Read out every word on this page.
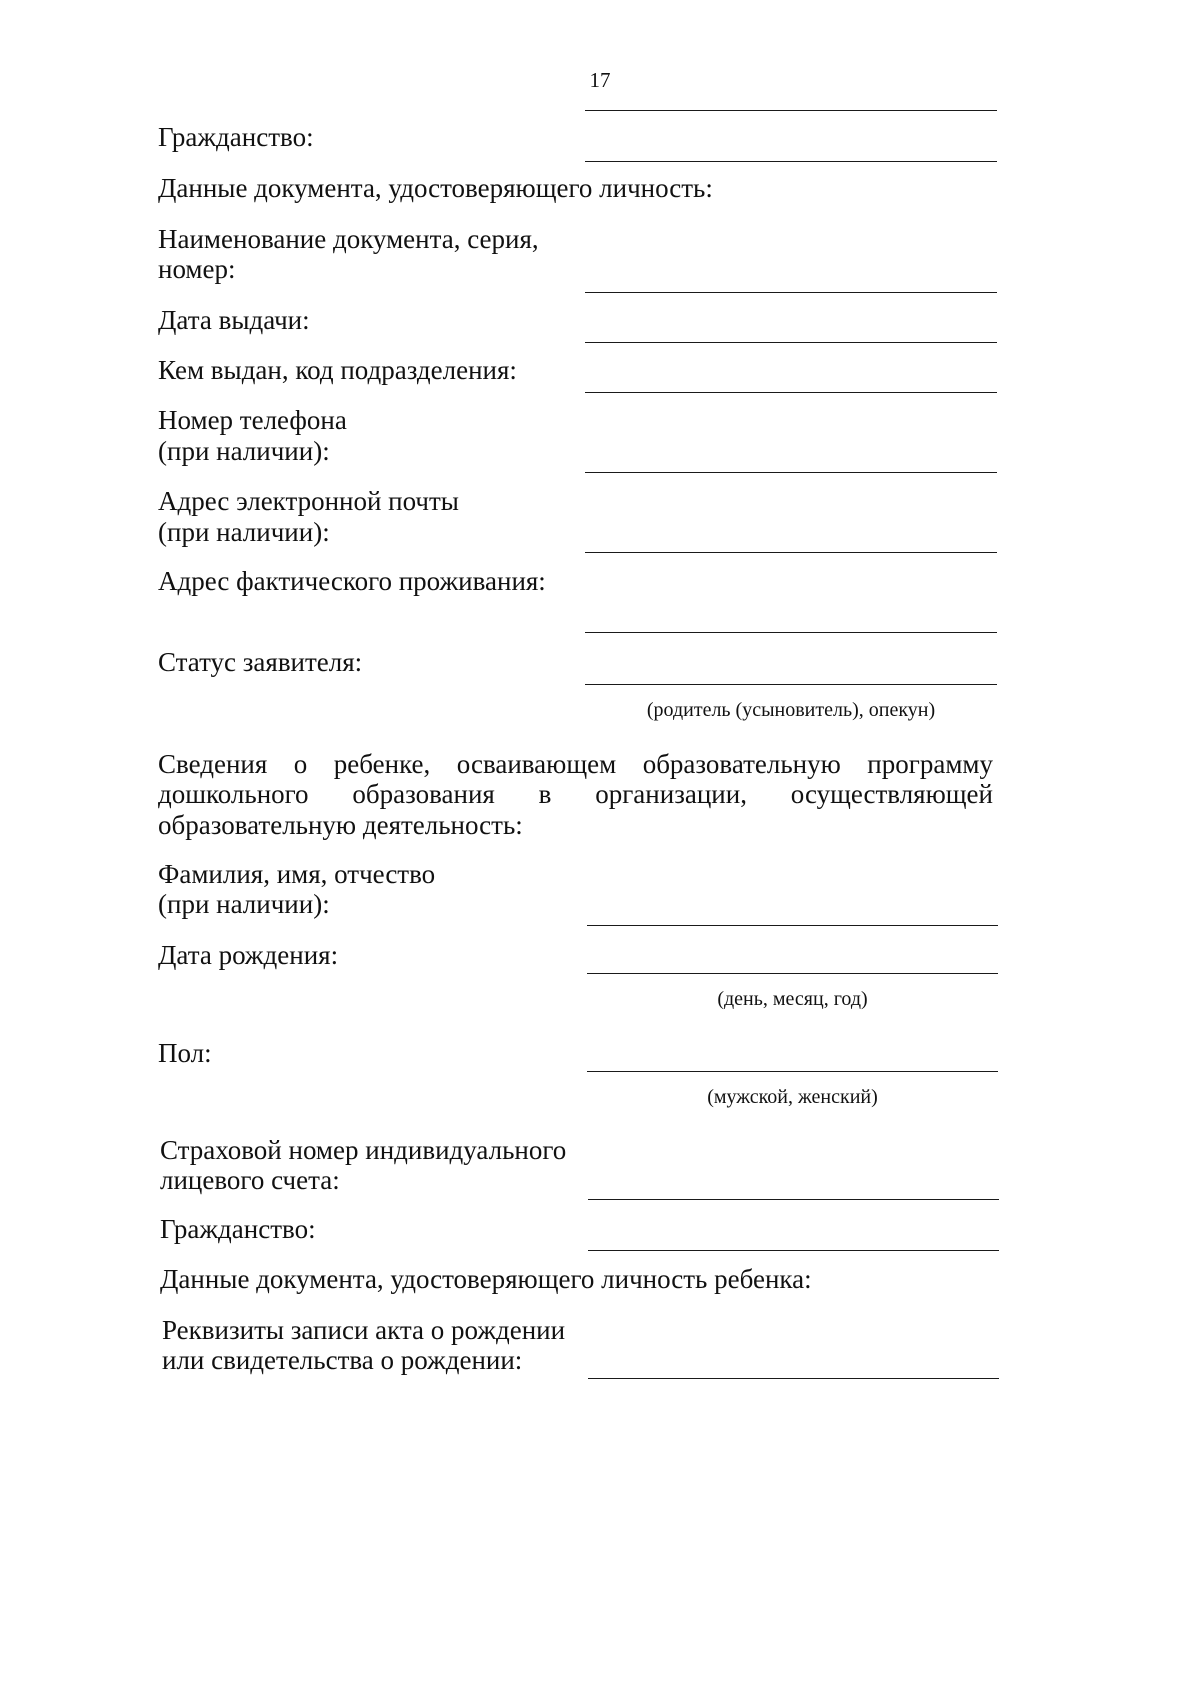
17
Гражданство:
Данные документа, удостоверяющего личность:
Наименование документа, серия,
номер:
Дата выдачи:
Кем выдан, код подразделения:
Номер телефона
(при наличии):
Адрес электронной почты
(при наличии):
Адрес фактического проживания:
Статус заявителя:
(родитель (усыновитель), опекун)
Сведения о ребенке, осваивающем образовательную программу
дошкольного образования в организации, осуществляющей
образовательную деятельность:
Фамилия, имя, отчество
(при наличии):
Дата рождения:
(день, месяц, год)
Пол:
(мужской, женский)
Страховой номер индивидуального
лицевого счета:
Гражданство:
Данные документа, удостоверяющего личность ребенка:
Реквизиты записи акта о рождении
или свидетельства о рождении:
